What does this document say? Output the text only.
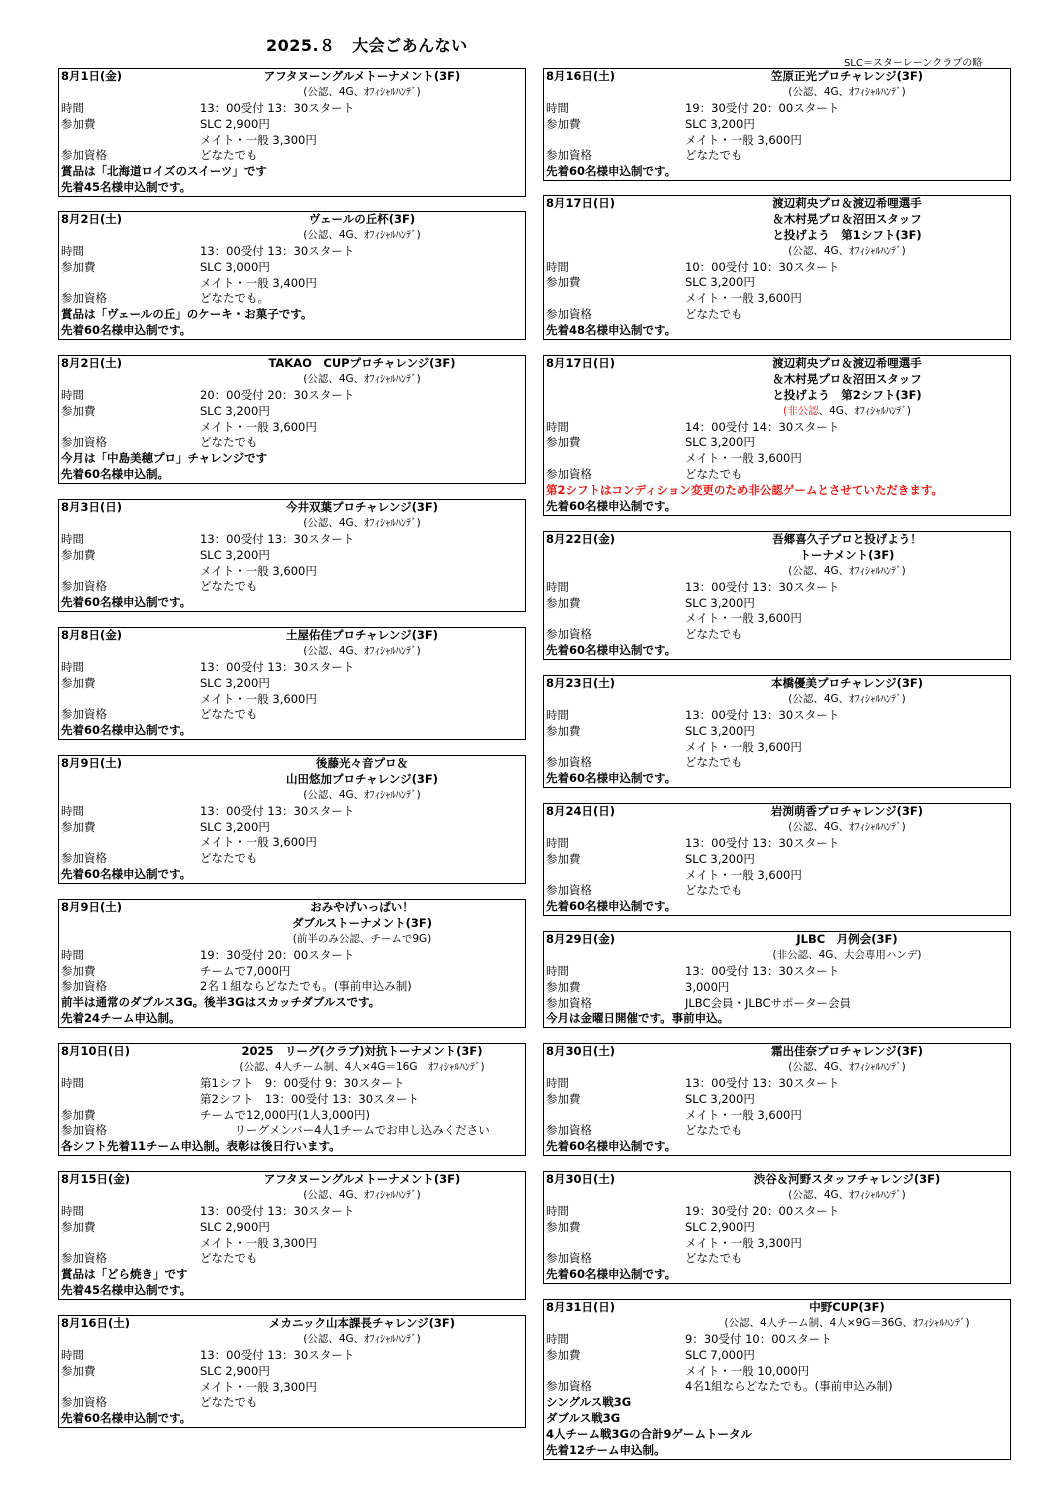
2025.８　大会ごあんない
SLC＝スターレーンクラブの略
8月1日(金)	アフタヌーングルメトーナメント(3F)
(公認、4G、ｵﾌｨｼｬﾙﾊﾝﾃﾞ)
時間	13：00受付 13：30スタート
参加費	SLC 2,900円
メイト・一般 3,300円
参加資格	どなたでも
賞品は「北海道ロイズのスイーツ」です
先着45名様申込制です。
8月2日(土)	ヴェールの丘杯(3F)
(公認、4G、ｵﾌｨｼｬﾙﾊﾝﾃﾞ)
時間	13：00受付 13：30スタート
参加費	SLC 3,000円
メイト・一般 3,400円
参加資格	どなたでも。
賞品は「ヴェールの丘」のケーキ・お菓子です。
先着60名様申込制です。
8月2日(土)	TAKAO　CUPプロチャレンジ(3F)
(公認、4G、ｵﾌｨｼｬﾙﾊﾝﾃﾞ)
時間	20：00受付 20：30スタート
参加費	SLC 3,200円
メイト・一般 3,600円
参加資格	どなたでも
今月は「中島美穂プロ」チャレンジです
先着60名様申込制。
8月3日(日)	今井双葉プロチャレンジ(3F)
(公認、4G、ｵﾌｨｼｬﾙﾊﾝﾃﾞ)
時間	13：00受付 13：30スタート
参加費	SLC 3,200円
メイト・一般 3,600円
参加資格	どなたでも
先着60名様申込制です。
8月8日(金)	土屋佑佳プロチャレンジ(3F)
(公認、4G、ｵﾌｨｼｬﾙﾊﾝﾃﾞ)
時間	13：00受付 13：30スタート
参加費	SLC 3,200円
メイト・一般 3,600円
参加資格	どなたでも
先着60名様申込制です。
8月9日(土)	後藤光々音プロ＆
山田悠加プロチャレンジ(3F)
(公認、4G、ｵﾌｨｼｬﾙﾊﾝﾃﾞ)
時間	13：00受付 13：30スタート
参加費	SLC 3,200円
メイト・一般 3,600円
参加資格	どなたでも
先着60名様申込制です。
8月9日(土)	おみやげいっぱい！
ダブルストーナメント(3F)
(前半のみ公認、チームで9G)
時間	19：30受付 20：00スタート
参加費	チームで7,000円
参加資格	2名１組ならどなたでも。(事前申込み制)
前半は通常のダブルス3G。後半3Gはスカッチダブルスです。
先着24チーム申込制。
8月10日(日)	2025　リーグ(クラブ)対抗トーナメント(3F)
(公認、4人チーム制、4人×4G＝16G　ｵﾌｨｼｬﾙﾊﾝﾃﾞ)
時間	第1シフト　9：00受付 9：30スタート
第2シフト　13：00受付 13：30スタート
参加費	チームで12,000円(1人3,000円)
参加資格	　　　リーグメンバー4人1チームでお申し込みください
各シフト先着11チーム申込制。表彰は後日行います。
8月15日(金)	アフタヌーングルメトーナメント(3F)
(公認、4G、ｵﾌｨｼｬﾙﾊﾝﾃﾞ)
時間	13：00受付 13：30スタート
参加費	SLC 2,900円
メイト・一般 3,300円
参加資格	どなたでも
賞品は「どら焼き」です
先着45名様申込制です。
8月16日(土)	メカニック山本課長チャレンジ(3F)
(公認、4G、ｵﾌｨｼｬﾙﾊﾝﾃﾞ)
時間	13：00受付 13：30スタート
参加費	SLC 2,900円
メイト・一般 3,300円
参加資格	どなたでも
先着60名様申込制です。
8月16日(土)	笠原正光プロチャレンジ(3F)
(公認、4G、ｵﾌｨｼｬﾙﾊﾝﾃﾞ)
時間	19：30受付 20：00スタート
参加費	SLC 3,200円
メイト・一般 3,600円
参加資格	どなたでも
先着60名様申込制です。
8月17日(日)	渡辺莉央プロ＆渡辺希哩選手
＆木村晃プロ＆沼田スタッフ
と投げよう　第1シフト(3F)
(公認、4G、ｵﾌｨｼｬﾙﾊﾝﾃﾞ)
時間	10：00受付 10：30スタート
参加費	SLC 3,200円
メイト・一般 3,600円
参加資格	どなたでも
先着48名様申込制です。
8月17日(日)	渡辺莉央プロ＆渡辺希哩選手
＆木村晃プロ＆沼田スタッフ
と投げよう　第2シフト(3F)
(非公認、4G、ｵﾌｨｼｬﾙﾊﾝﾃﾞ)
時間	14：00受付 14：30スタート
参加費	SLC 3,200円
メイト・一般 3,600円
参加資格	どなたでも
第2シフトはコンディション変更のため非公認ゲームとさせていただきます。
先着60名様申込制です。
8月22日(金)	吾郷喜久子プロと投げよう！
トーナメント(3F)
(公認、4G、ｵﾌｨｼｬﾙﾊﾝﾃﾞ)
時間	13：00受付 13：30スタート
参加費	SLC 3,200円
メイト・一般 3,600円
参加資格	どなたでも
先着60名様申込制です。
8月23日(土)	本橋優美プロチャレンジ(3F)
(公認、4G、ｵﾌｨｼｬﾙﾊﾝﾃﾞ)
時間	13：00受付 13：30スタート
参加費	SLC 3,200円
メイト・一般 3,600円
参加資格	どなたでも
先着60名様申込制です。
8月24日(日)	岩渕萌香プロチャレンジ(3F)
(公認、4G、ｵﾌｨｼｬﾙﾊﾝﾃﾞ)
時間	13：00受付 13：30スタート
参加費	SLC 3,200円
メイト・一般 3,600円
参加資格	どなたでも
先着60名様申込制です。
8月29日(金)	JLBC　月例会(3F)
(非公認、4G、大会専用ハンデ)
時間	13：00受付 13：30スタート
参加費	3,000円
参加資格	JLBC会員・JLBCサポーター会員
今月は金曜日開催です。事前申込。
8月30日(土)	霜出佳奈プロチャレンジ(3F)
(公認、4G、ｵﾌｨｼｬﾙﾊﾝﾃﾞ)
時間	13：00受付 13：30スタート
参加費	SLC 3,200円
メイト・一般 3,600円
参加資格	どなたでも
先着60名様申込制です。
8月30日(土)	渋谷＆河野スタッフチャレンジ(3F)
(公認、4G、ｵﾌｨｼｬﾙﾊﾝﾃﾞ)
時間	19：30受付 20：00スタート
参加費	SLC 2,900円
メイト・一般 3,300円
参加資格	どなたでも
先着60名様申込制です。
8月31日(日)	中野CUP(3F)
(公認、4人チーム制、4人×9G＝36G、ｵﾌｨｼｬﾙﾊﾝﾃﾞ)
時間	9：30受付 10：00スタート
参加費	SLC 7,000円
メイト・一般 10,000円
参加資格	4名1組ならどなたでも。(事前申込み制)
シングルス戦3G
ダブルス戦3G
4人チーム戦3Gの合計9ゲームトータル
先着12チーム申込制。
